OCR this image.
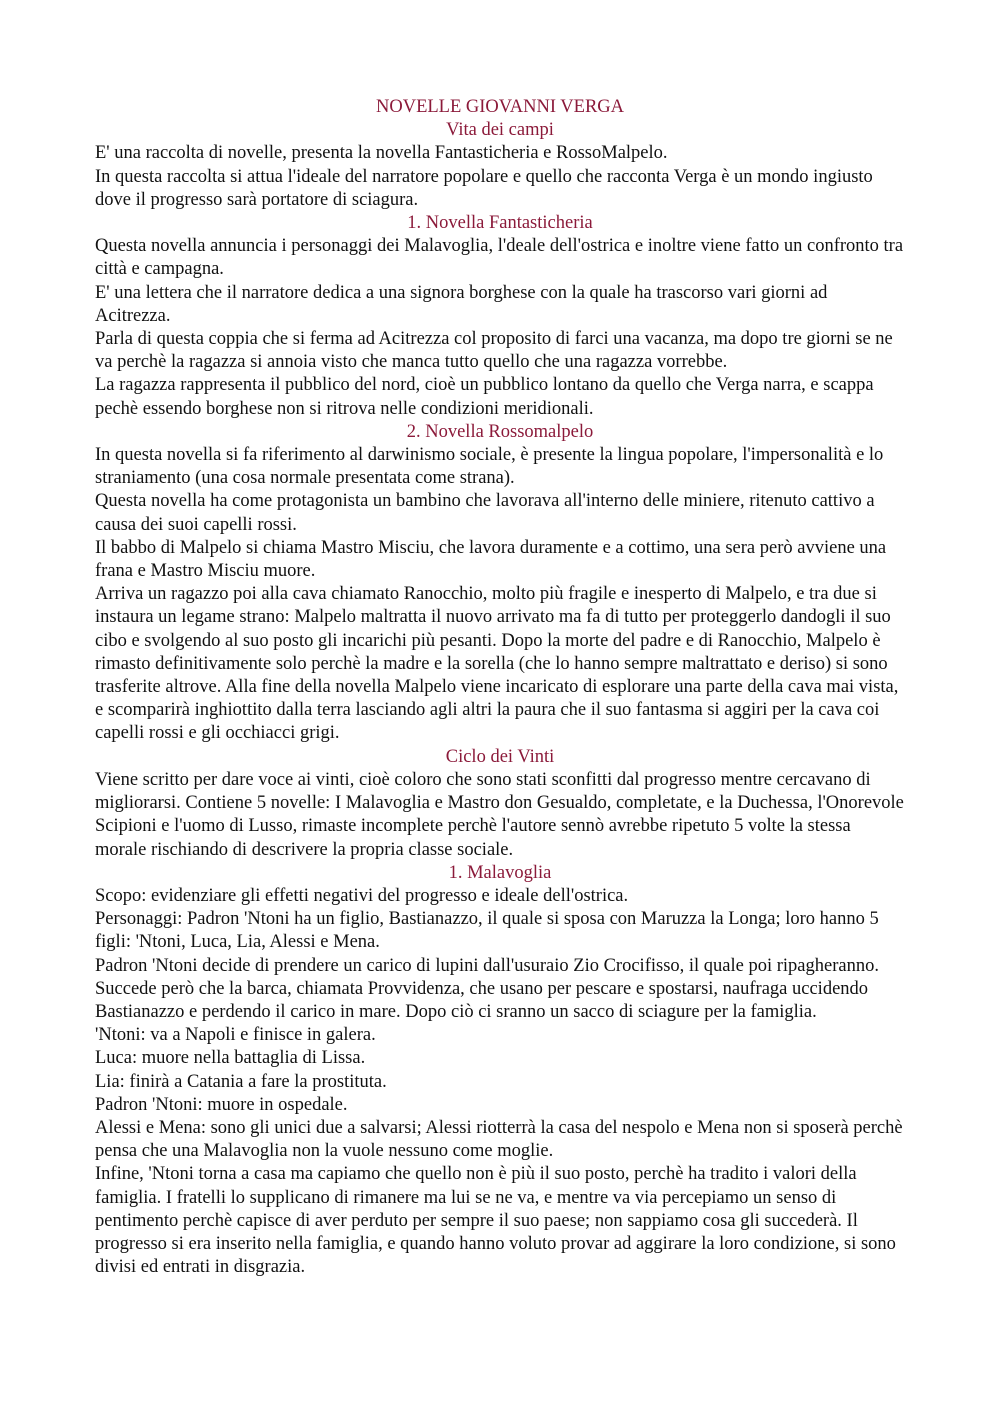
NOVELLE GIOVANNI VERGA
Vita dei campi

E' una raccolta di novelle, presenta la novella Fantasticheria e RossoMalpelo.

In questa raccolta si attua l'ideale del narratore popolare e quello che racconta Verga è un mondo ingiusto dove il progresso sarà portatore di sciagura.

1. Novella Fantasticheria

Questa novella annuncia i personaggi dei Malavoglia, l'deale dell'ostrica e inoltre viene fatto un confronto tra città e campagna.

E' una lettera che il narratore dedica a una signora borghese con la quale ha trascorso vari giorni ad Acitrezza.

Parla di questa coppia che si ferma ad Acitrezza col proposito di farci una vacanza, ma dopo tre giorni se ne va perchè la ragazza si annoia visto che manca tutto quello che una ragazza vorrebbe.

La ragazza rappresenta il pubblico del nord, cioè un pubblico lontano da quello che Verga narra, e scappa pechè essendo borghese non si ritrova nelle condizioni meridionali.

2. Novella Rossomalpelo

In questa novella si fa riferimento al darwinismo sociale, è presente la lingua popolare, l'impersonalità e lo straniamento (una cosa normale presentata come strana).

Questa novella ha come protagonista un bambino che lavorava all'interno delle miniere, ritenuto cattivo a causa dei suoi capelli rossi.

Il babbo di Malpelo si chiama Mastro Misciu, che lavora duramente e a cottimo, una sera però avviene una frana e Mastro Misciu muore.

Arriva un ragazzo poi alla cava chiamato Ranocchio, molto più fragile e inesperto di Malpelo, e tra due si instaura un legame strano: Malpelo maltratta il nuovo arrivato ma fa di tutto per proteggerlo dandogli il suo cibo e svolgendo al suo posto gli incarichi più pesanti. Dopo la morte del padre e di Ranocchio, Malpelo è rimasto definitivamente solo perchè la madre e la sorella (che lo hanno sempre maltrattato e deriso) si sono trasferite altrove. Alla fine della novella Malpelo viene incaricato di esplorare una parte della cava mai vista, e scomparirà inghiottito dalla terra lasciando agli altri la paura che il suo fantasma si aggiri per la cava coi capelli rossi e gli occhiacci grigi.

Ciclo dei Vinti

Viene scritto per dare voce ai vinti, cioè coloro che sono stati sconfitti dal progresso mentre cercavano di migliorarsi. Contiene 5 novelle: I Malavoglia e Mastro don Gesualdo, completate, e la Duchessa, l'Onorevole Scipioni e l'uomo di Lusso, rimaste incomplete perchè l'autore sennò avrebbe ripetuto 5 volte la stessa morale rischiando di descrivere la propria classe sociale.

1. Malavoglia

Scopo: evidenziare gli effetti negativi del progresso e ideale dell'ostrica.

Personaggi: Padron 'Ntoni ha un figlio, Bastianazzo, il quale si sposa con Maruzza la Longa; loro hanno 5 figli: 'Ntoni, Luca, Lia, Alessi e Mena.

Padron 'Ntoni decide di prendere un carico di lupini dall'usuraio Zio Crocifisso, il quale poi ripagheranno. Succede però che la barca, chiamata Provvidenza, che usano per pescare e spostarsi, naufraga uccidendo Bastianazzo e perdendo il carico in mare. Dopo ciò ci sranno un sacco di sciagure per la famiglia.

'Ntoni: va a Napoli e finisce in galera.

Luca: muore nella battaglia di Lissa.

Lia: finirà a Catania a fare la prostituta.

Padron 'Ntoni: muore in ospedale.

Alessi e Mena: sono gli unici due a salvarsi; Alessi riotterrà la casa del nespolo e Mena non si sposerà perchè pensa che una Malavoglia non la vuole nessuno come moglie.

Infine, 'Ntoni torna a casa ma capiamo che quello non è più il suo posto, perchè ha tradito i valori della famiglia. I fratelli lo supplicano di rimanere ma lui se ne va, e mentre va via percepiamo un senso di pentimento perchè capisce di aver perduto per sempre il suo paese; non sappiamo cosa gli succederà. Il progresso si era inserito nella famiglia, e quando hanno voluto provar ad aggirare la loro condizione, si sono divisi ed entrati in disgrazia.
